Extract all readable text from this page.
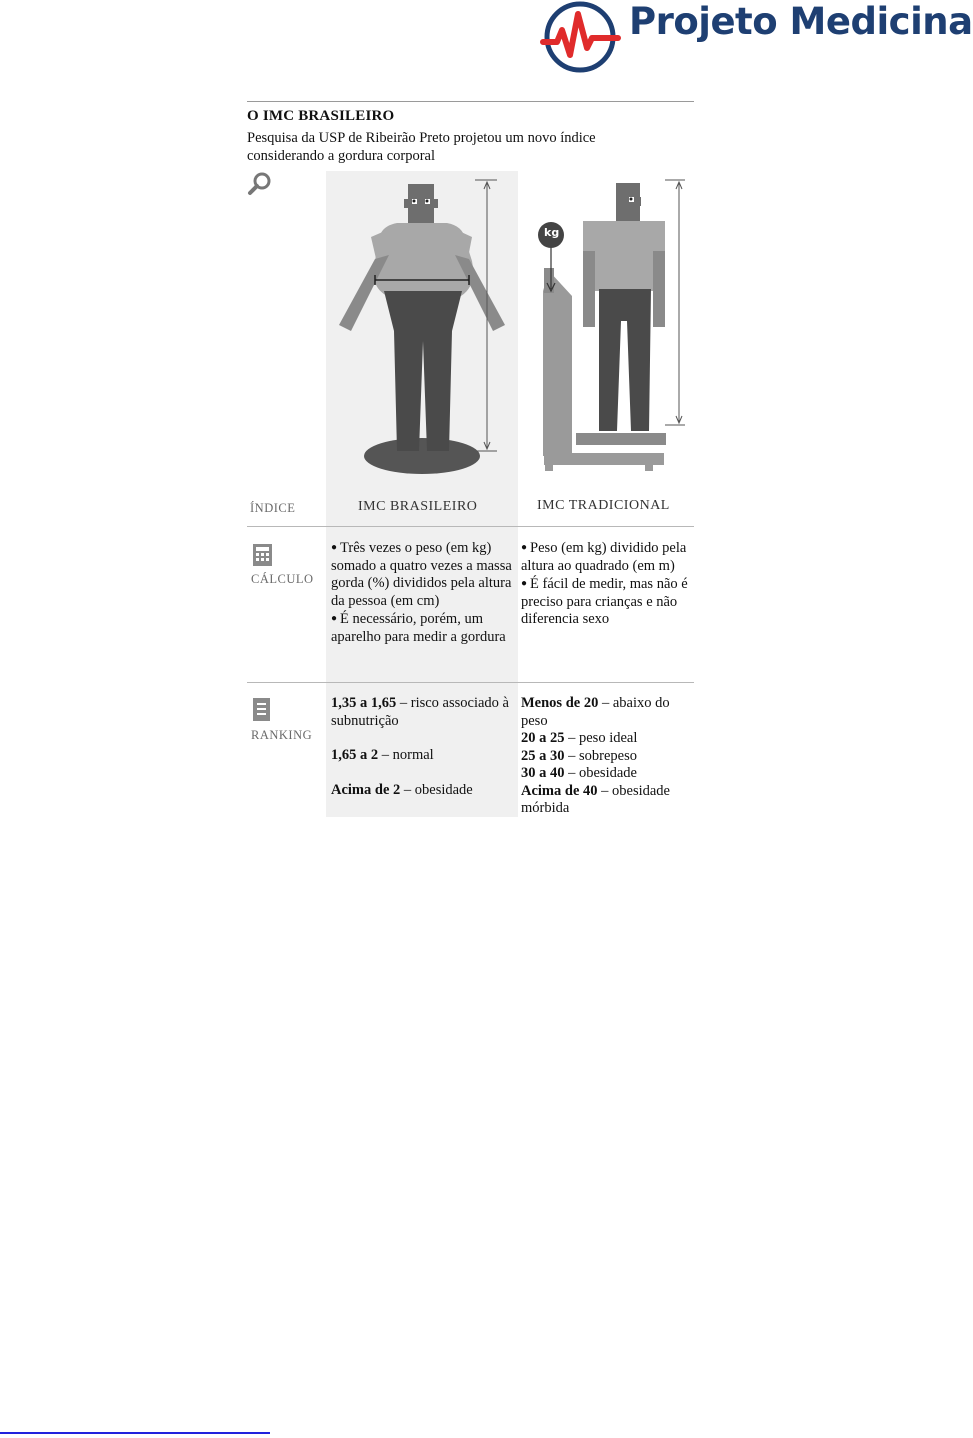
Projeto Medicina
O IMC BRASILEIRO
Pesquisa da USP de Ribeirão Preto projetou um novo índice considerando a gordura corporal
kg
ÍNDICE	IMC BRASILEIRO	IMC TRADICIONAL
CÁLCULO

● Três vezes o peso (em kg) somado a quatro vezes a massa gorda (%) divididos pela altura da pessoa (em cm)

● É necessário, porém, um aparelho para medir a gordura

● Peso (em kg) dividido pela altura ao quadrado (em m)

● É fácil de medir, mas não é preciso para crianças e não diferencia sexo

RANKING

1,35 a 1,65 – risco associado à subnutrição

1,65 a 2 – normal

Acima de 2 – obesidade

Menos de 20 – abaixo do peso

20 a 25 – peso ideal

25 a 30 – sobrepeso

30 a 40 – obesidade

Acima de 40 – obesidade mórbida
